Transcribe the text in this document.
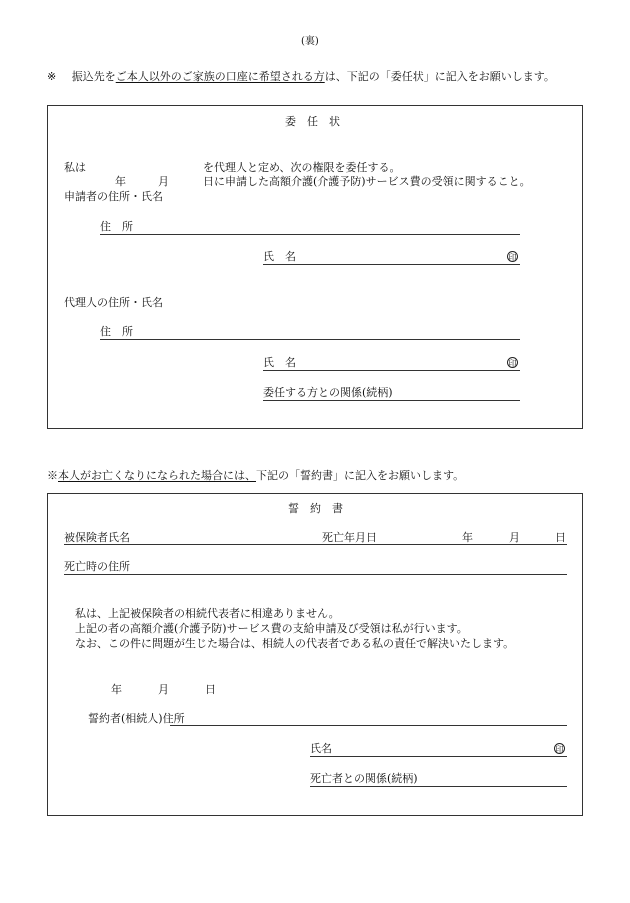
(裏)
※ 振込先をご本人以外のご家族の口座に希望される方は、下記の「委任状」に記入をお願いします。
委　任　状
私は	を代理人と定め、次の権限を委任する。
年	月	日に申請した高額介護(介護予防)サービス費の受領に関すること。
申請者の住所・氏名
住　所
氏　名	印
代理人の住所・氏名
住　所
氏　名	印
委任する方との関係(続柄)
※本人がお亡くなりになられた場合には、下記の「誓約書」に記入をお願いします。
誓　約　書
被保険者氏名	死亡年月日	年	月	日
死亡時の住所
私は、上記被保険者の相続代表者に相違ありません。
上記の者の高額介護(介護予防)サービス費の支給申請及び受領は私が行います。
なお、この件に問題が生じた場合は、相続人の代表者である私の責任で解決いたします。
年	月	日
誓約者(相続人)住所
氏名	印
死亡者との関係(続柄)
